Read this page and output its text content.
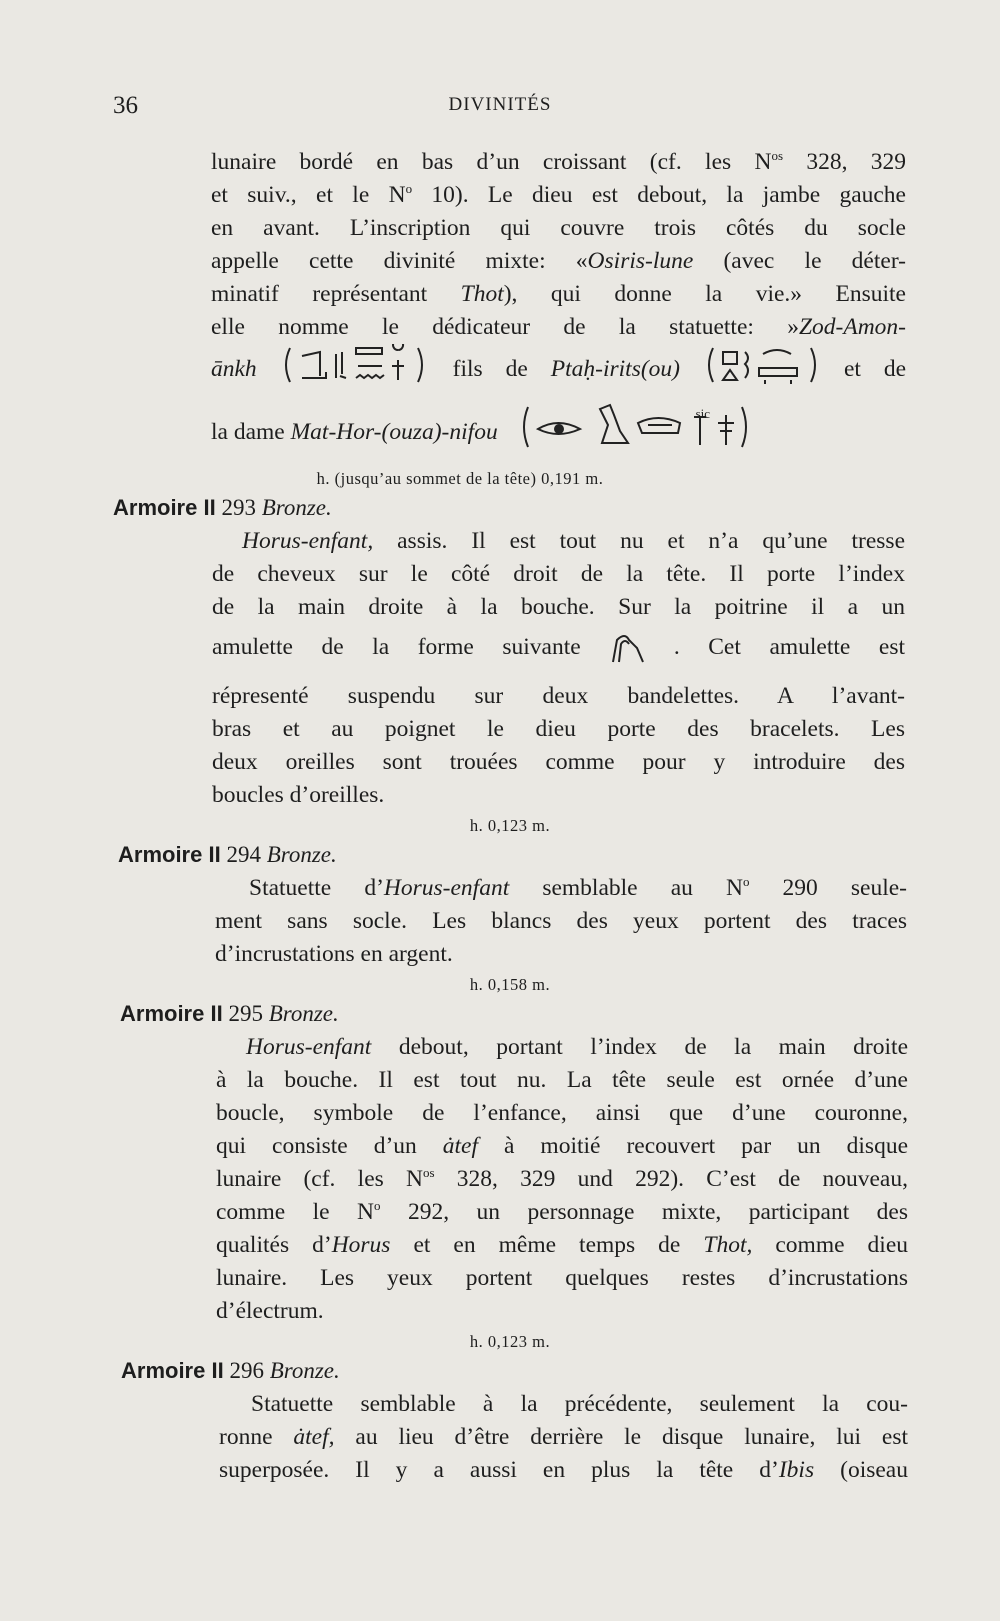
36	DIVINITÉS
lunaire bordé en bas d’un croissant (cf. les $N^{os}$ 328, 329
et suiv., et le $N^o$ 10). Le dieu est debout, la jambe gauche
en avant. L’inscription qui couvre trois côtés du socle
appelle cette divinité mixte: «Osiris-lune (avec le déter-
minatif représentant Thot), qui donne la vie.» Ensuite
elle nomme le dédicateur de la statuette: »Zod-Amon-
ānkh	fils de Ptaḥ-irits(ou)	et de
la dame Mat-Hor-(ouza)-nifou
sic
h. (jusqu’au sommet de la tête) 0,191 m.
Armoire II 293 Bronze.
Horus-enfant, assis. Il est tout nu et n’a qu’une tresse
de cheveux sur le côté droit de la tête. Il porte l’index
de la main droite à la bouche. Sur la poitrine il a un
amulette de la forme suivante	. Cet amulette est
répresenté suspendu sur deux bandelettes. A l’avant-
bras et au poignet le dieu porte des bracelets. Les
deux oreilles sont trouées comme pour y introduire des
boucles d’oreilles.
h. 0,123 m.
Armoire II 294 Bronze.
Statuette d’Horus-enfant semblable au $N^o$ 290 seule-
ment sans socle. Les blancs des yeux portent des traces
d’incrustations en argent.
h. 0,158 m.
Armoire II 295 Bronze.
Horus-enfant debout, portant l’index de la main droite
à la bouche. Il est tout nu. La tête seule est ornée d’une
boucle, symbole de l’enfance, ainsi que d’une couronne,
qui consiste d’un ȧtef à moitié recouvert par un disque
lunaire (cf. les $N^{os}$ 328, 329 und 292). C’est de nouveau,
comme le $N^o$ 292, un personnage mixte, participant des
qualités d’Horus et en même temps de Thot, comme dieu
lunaire. Les yeux portent quelques restes d’incrustations
d’électrum.
h. 0,123 m.
Armoire II 296 Bronze.
Statuette semblable à la précédente, seulement la cou-
ronne ȧtef, au lieu d’être derrière le disque lunaire, lui est
superposée. Il y a aussi en plus la tête d’Ibis (oiseau
